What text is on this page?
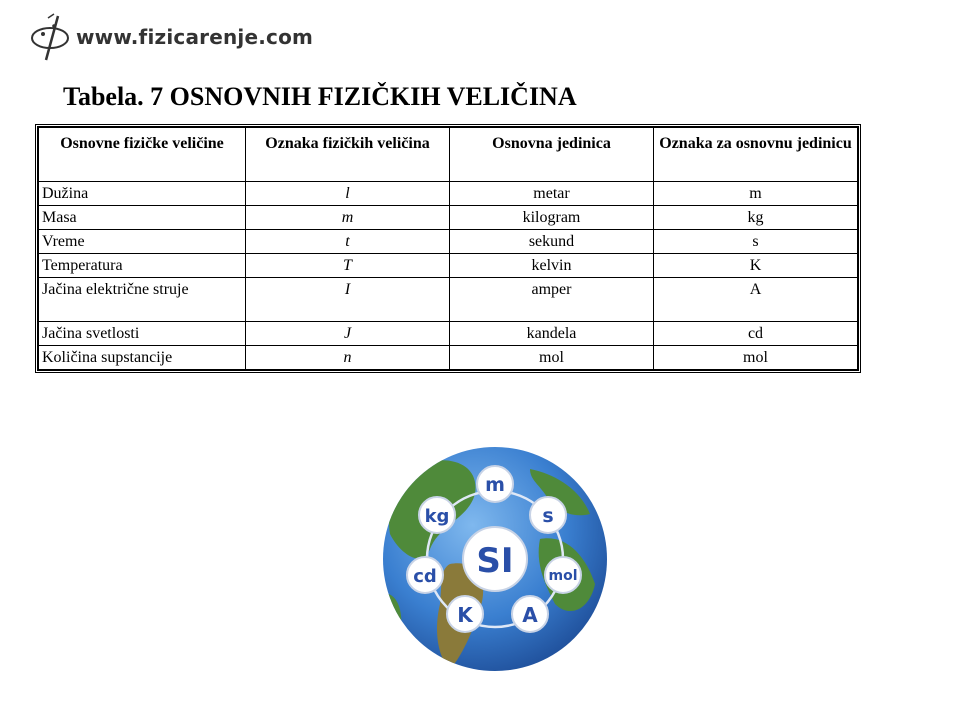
www.fizicarenje.com
Tabela. 7 OSNOVNIH FIZIČKIH VELIČINA
Osnovne fizičke veličine	Oznaka fizičkih veličina	Osnovna jedinica	Oznaka za osnovnu jedinicu
Dužina	l	metar	m
Masa	m	kilogram	kg
Vreme	t	sekund	s
Temperatura	T	kelvin	K
Jačina električne struje	I	amper	A
Jačina svetlosti	J	kandela	cd
Količina supstancije	n	mol	mol
SI
m
s
mol
A
K
cd
kg
